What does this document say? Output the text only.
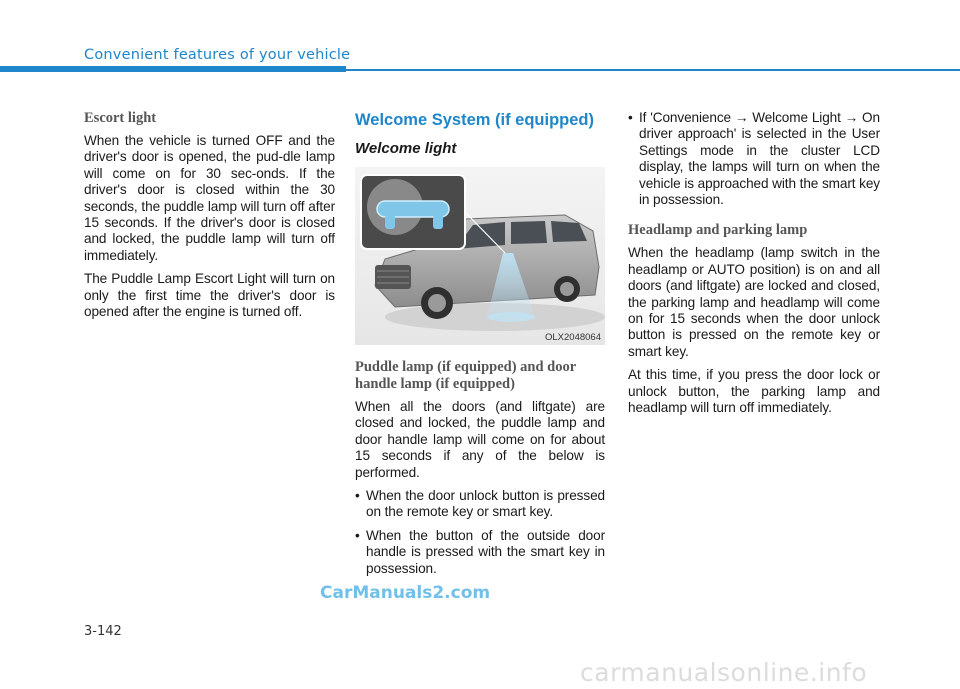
Convenient features of your vehicle
Escort light

When the vehicle is turned OFF and the driver's door is opened, the pud-dle lamp will come on for 30 sec-onds. If the driver's door is closed within the 30 seconds, the puddle lamp will turn off after 15 seconds. If the driver's door is closed and locked, the puddle lamp will turn off immediately.

The Puddle Lamp Escort Light will turn on only the first time the driver's door is opened after the engine is turned off.

Welcome System (if equipped)
Welcome light
OLX2048064
Puddle lamp (if equipped) and door handle lamp (if equipped)

When all the doors (and liftgate) are closed and locked, the puddle lamp and door handle lamp will come on for about 15 seconds if any of the below is performed.

• When the door unlock button is pressed on the remote key or smart key.
• When the button of the outside door handle is pressed with the smart key in possession.
• If 'Convenience → Welcome Light → On driver approach' is selected in the User Settings mode in the cluster LCD display, the lamps will turn on when the vehicle is approached with the smart key in possession.
Headlamp and parking lamp

When the headlamp (lamp switch in the headlamp or AUTO position) is on and all doors (and liftgate) are locked and closed, the parking lamp and headlamp will come on for 15 seconds when the door unlock button is pressed on the remote key or smart key.

At this time, if you press the door lock or unlock button, the parking lamp and headlamp will turn off immediately.

CarManuals2.com
3-142
carmanualsonline.info
